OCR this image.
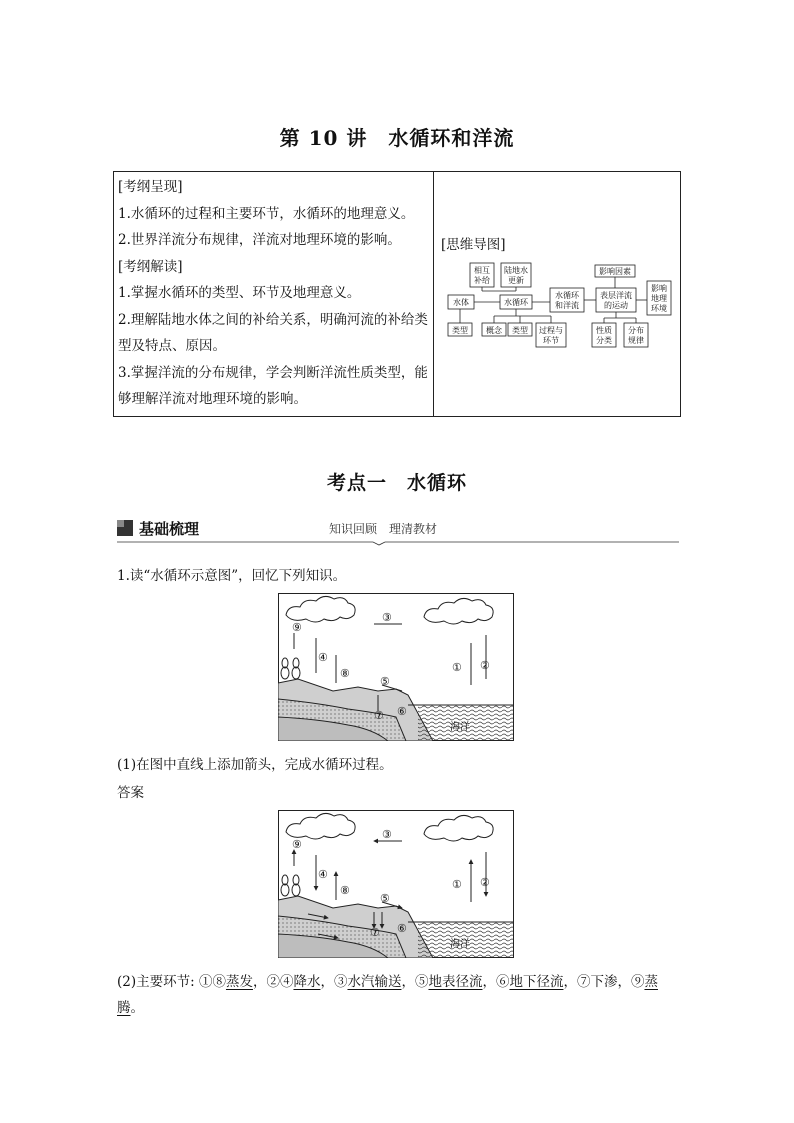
第 10 讲　水循环和洋流
[考纲呈现]
1.水循环的过程和主要环节，水循环的地理意义。
2.世界洋流分布规律，洋流对地理环境的影响。
[考纲解读]
1.掌握水循环的类型、环节及地理意义。
2.理解陆地水体之间的补给关系，明确河流的补给类型及特点、原因。
3.掌握洋流的分布规律，学会判断洋流性质类型，能够理解洋流对地理环境的影响。
[思维导图]
相互补给
陆地水更新
水体	水循环
水循环和洋流
影响因素
表层洋流的运动
影响地理环境
类型 概念 类型 过程与环节
性质分类
分布规律
考点一　水循环
基础梳理	知识回顾　理清教材
1.读“水循环示意图”，回忆下列知识。
海洋
③
⑨
④
⑧	① ②
⑤
⑦ ⑥
(1)在图中直线上添加箭头，完成水循环过程。
答案
海洋
③
⑨
④
⑧	① ②
⑤
⑦ ⑥
(2)主要环节: ①⑧蒸发，②④降水，③水汽输送，⑤地表径流，⑥地下径流，⑦下渗，⑨蒸腾。
